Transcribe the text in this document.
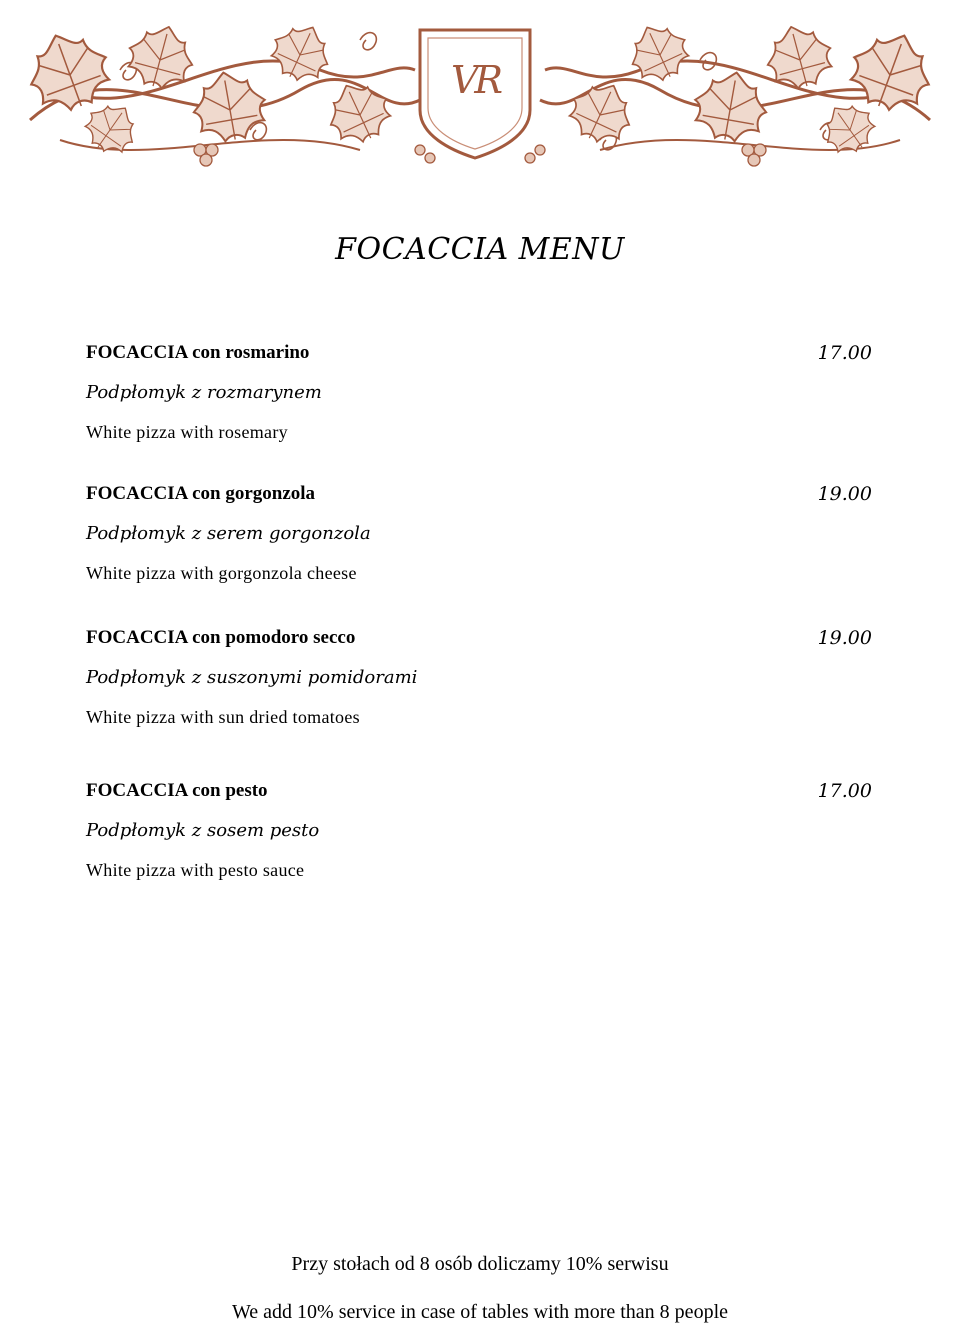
VR
FOCACCIA MENU
FOCACCIA con rosmarino	17.00
Podpłomyk z rozmarynem
White pizza with rosemary
FOCACCIA con gorgonzola	19.00
Podpłomyk z serem gorgonzola
White pizza with gorgonzola cheese
FOCACCIA con pomodoro secco	19.00
Podpłomyk z suszonymi pomidorami
White pizza with sun dried tomatoes
FOCACCIA con pesto	17.00
Podpłomyk z sosem pesto
White pizza with pesto sauce
Przy stołach od 8 osób doliczamy 10% serwisu
We add 10% service in case of tables with more than 8 people
